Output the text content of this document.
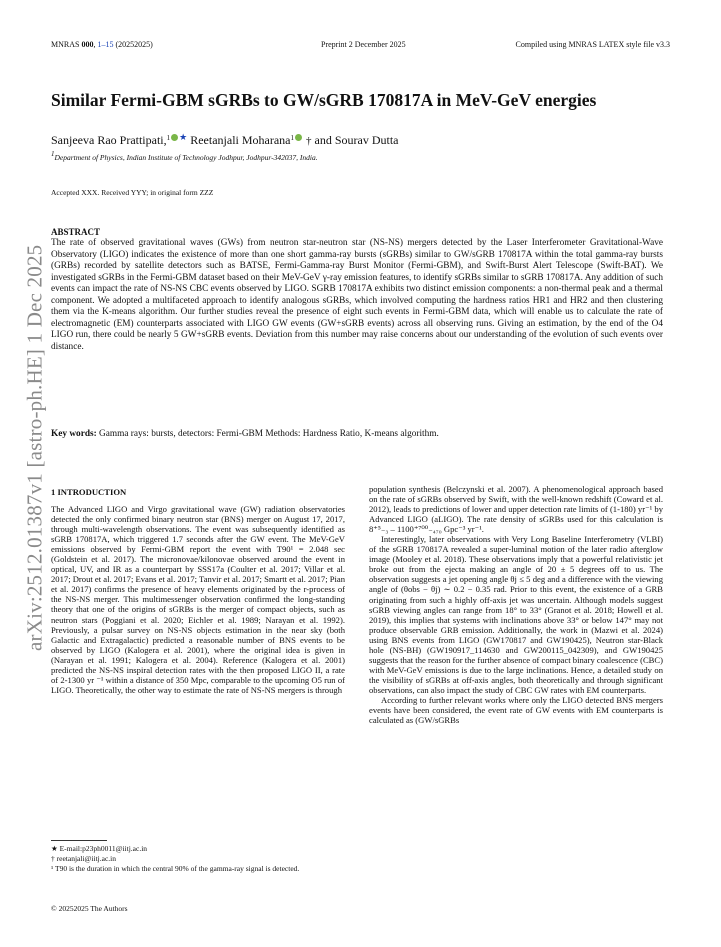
MNRAS 000, 1–15 (20252025)	Preprint 2 December 2025	Compiled using MNRAS LATEX style file v3.3
arXiv:2512.01387v1 [astro-ph.HE] 1 Dec 2025
Similar Fermi-GBM sGRBs to GW/sGRB 170817A in MeV-GeV energies
Sanjeeva Rao Prattipati,$^1$ ★ Reetanjali Moharana$^1$ † and Sourav Dutta
1Department of Physics, Indian Institute of Technology Jodhpur, Jodhpur-342037, India.
Accepted XXX. Received YYY; in original form ZZZ
ABSTRACT
The rate of observed gravitational waves (GWs) from neutron star-neutron star (NS-NS) mergers detected by the Laser Interferometer Gravitational-Wave Observatory (LIGO) indicates the existence of more than one short gamma-ray bursts (sGRBs) similar to GW/sGRB 170817A within the total gamma-ray bursts (GRBs) recorded by satellite detectors such as BATSE, Fermi-Gamma-ray Burst Monitor (Fermi-GBM), and Swift-Burst Alert Telescope (Swift-BAT). We investigated sGRBs in the Fermi-GBM dataset based on their MeV-GeV γ-ray emission features, to identify sGRBs similar to sGRB 170817A. Any addition of such events can impact the rate of NS-NS CBC events observed by LIGO. SGRB 170817A exhibits two distinct emission components: a non-thermal peak and a thermal component. We adopted a multifaceted approach to identify analogous sGRBs, which involved computing the hardness ratios HR1 and HR2 and then clustering them via the K-means algorithm. Our further studies reveal the presence of eight such events in Fermi-GBM data, which will enable us to calculate the rate of electromagnetic (EM) counterparts associated with LIGO GW events (GW+sGRB events) across all observing runs. Giving an estimation, by the end of the O4 LIGO run, there could be nearly 5 GW+sGRB events. Deviation from this number may raise concerns about our understanding of the evolution of such events over distance.
Key words: Gamma rays: bursts, detectors: Fermi-GBM Methods: Hardness Ratio, K-means algorithm.
1 INTRODUCTION

The Advanced LIGO and Virgo gravitational wave (GW) radiation observatories detected the only confirmed binary neutron star (BNS) merger on August 17, 2017, through multi-wavelength observations. The event was subsequently identified as sGRB 170817A, which triggered 1.7 seconds after the GW event. The MeV-GeV emissions observed by Fermi-GBM report the event with T90¹ = 2.048 sec (Goldstein et al. 2017). The micronovae/kilonovae observed around the event in optical, UV, and IR as a counterpart by SSS17a (Coulter et al. 2017; Villar et al. 2017; Drout et al. 2017; Evans et al. 2017; Tanvir et al. 2017; Smartt et al. 2017; Pian et al. 2017) confirms the presence of heavy elements originated by the r-process of the NS-NS merger. This multimessenger observation confirmed the long-standing theory that one of the origins of sGRBs is the merger of compact objects, such as neutron stars (Poggiani et al. 2020; Eichler et al. 1989; Narayan et al. 1992). Previously, a pulsar survey on NS-NS objects estimation in the near sky (both Galactic and Extragalactic) predicted a reasonable number of BNS events to be observed by LIGO (Kalogera et al. 2001), where the original idea is given in (Narayan et al. 1991; Kalogera et al. 2004). Reference (Kalogera et al. 2001) predicted the NS-NS inspiral detection rates with the then proposed LIGO II, a rate of 2-1300 yr ⁻¹ within a distance of 350 Mpc, comparable to the upcoming O5 run of LIGO. Theoretically, the other way to estimate the rate of NS-NS mergers is through

population synthesis (Belczynski et al. 2007). A phenomenological approach based on the rate of sGRBs observed by Swift, with the well-known redshift (Coward et al. 2012), leads to predictions of lower and upper detection rate limits of (1-180) yr⁻¹ by Advanced LIGO (aLIGO). The rate density of sGRBs used for this calculation is 8⁺⁵₋₃ – 1100⁺⁷⁰⁰₋₄₇₀ Gpc⁻³ yr⁻¹.

Interestingly, later observations with Very Long Baseline Interferometry (VLBI) of the sGRB 170817A revealed a super-luminal motion of the later radio afterglow image (Mooley et al. 2018). These observations imply that a powerful relativistic jet broke out from the ejecta making an angle of 20 ± 5 degrees off to us. The observation suggests a jet opening angle θj ≤ 5 deg and a difference with the viewing angle of (θobs − θj) ∼ 0.2 − 0.35 rad. Prior to this event, the existence of a GRB originating from such a highly off-axis jet was uncertain. Although models suggest sGRB viewing angles can range from 18° to 33° (Granot et al. 2018; Howell et al. 2019), this implies that systems with inclinations above 33° or below 147° may not produce observable GRB emission. Additionally, the work in (Mazwi et al. 2024) using BNS events from LIGO (GW170817 and GW190425), Neutron star-Black hole (NS-BH) (GW190917_114630 and GW200115_042309), and GW190425 suggests that the reason for the further absence of compact binary coalescence (CBC) with MeV-GeV emissions is due to the large inclinations. Hence, a detailed study on the visibility of sGRBs at off-axis angles, both theoretically and through significant observations, can also impact the study of CBC GW rates with EM counterparts.

According to further relevant works where only the LIGO detected BNS mergers events have been considered, the event rate of GW events with EM counterparts is calculated as (GW/sGRBs

★ E-mail:p23ph0011@iitj.ac.in
† reetanjali@iitj.ac.in
¹ T90 is the duration in which the central 90% of the gamma-ray signal is detected.
© 20252025 The Authors
